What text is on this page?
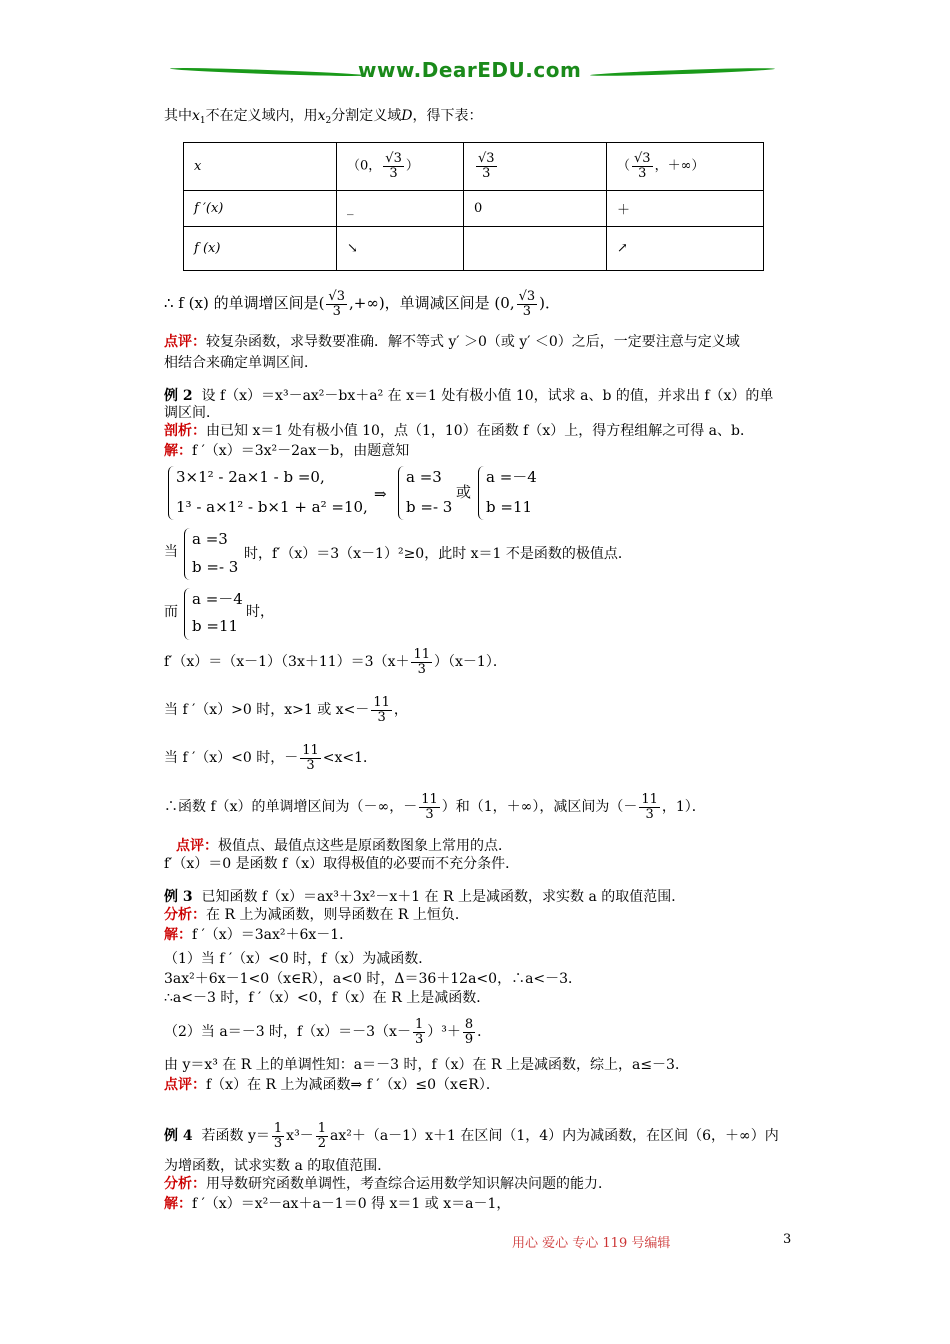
www.DearEDU.com
其中$x_1$不在定义域内，用$x_2$分割定义域D，得下表：
x	（0， $\frac{√3}{3}$ ）	$\frac{√3}{3}$	（ $\frac{√3}{3}$ ，＋∞）
f ′(x)	_	0	＋
f (x)	↘		↗
∴ f (x) 的单调增区间是( $\frac{√3}{3}$ ,+∞)，单调减区间是 (0, $\frac{√3}{3}$ )．
点评：较复杂函数，求导数要准确．解不等式 y′ ＞0（或 y′ ＜0）之后，一定要注意与定义域
相结合来确定单调区间．
例 2 设 f（x）＝x³－ax²－bx＋a² 在 x＝1 处有极小值 10，试求 a、b 的值，并求出 f（x）的单
调区间．
剖析：由已知 x＝1 处有极小值 10，点（1，10）在函数 f（x）上，得方程组解之可得 a、b．
解：f ′（x）＝3x²－2ax－b，由题意知
3×1² - 2a×1 - b =0,
1³ - a×1² - b×1 + a² =10,
⇒
a =3
b =- 3
或
a =－4
b =11
当
a =3
b =- 3
时，f′（x）＝3（x－1）²≥0，此时 x＝1 不是函数的极值点．
而
a =－4
b =11
时，
$f'(x)=(x-1)(3x+11)=3(x+ \frac{11}{3} )(x-1)$．
当 f ′（x）>0 时，x>1 或 $x<- \frac{11}{3}$ ，
当 f ′（x）<0 时，－ $\frac{11}{3} <x<1$．
∴函数 f（x）的单调增区间为（－∞，－ $\frac{11}{3}$ ）和（1，＋∞），减区间为（－ $\frac{11}{3}$ ，1）．
点评：极值点、最值点这些是原函数图象上常用的点．
f′（x）＝0 是函数 f（x）取得极值的必要而不充分条件．
例 3 已知函数 f（x）＝ax³＋3x²－x＋1 在 R 上是减函数，求实数 a 的取值范围．
分析：在 R 上为减函数，则导函数在 R 上恒负．
解：f ′（x）＝3ax²＋6x－1．
（1）当 f ′（x）<0 时，f（x）为减函数．
3ax²＋6x－1<0（x∈R），a<0 时，Δ＝36＋12a<0，∴a<－3．
∴a<－3 时，f ′（x）<0，f（x）在 R 上是减函数．
（2）当 a＝－3 时，$f(x)=-3(x- \frac{1}{3} )^3+ \frac{8}{9}$ ．
由 y＝x³ 在 R 上的单调性知：a＝－3 时，f（x）在 R 上是减函数，综上，a≤－3．
点评：f（x）在 R 上为减函数⇒ f ′（x）≤0（x∈R）．
例 4 若函数 $y= \frac{1}{3} x^3- \frac{1}{2} ax^2+(a-1)x+1$ 在区间（1，4）内为减函数，在区间（6，＋∞）内
为增函数，试求实数 a 的取值范围．
分析：用导数研究函数单调性，考查综合运用数学知识解决问题的能力．
解：f ′（x）＝x²－ax＋a－1＝0 得 x＝1 或 x＝a－1，
用心 爱心 专心 119 号编辑	3
